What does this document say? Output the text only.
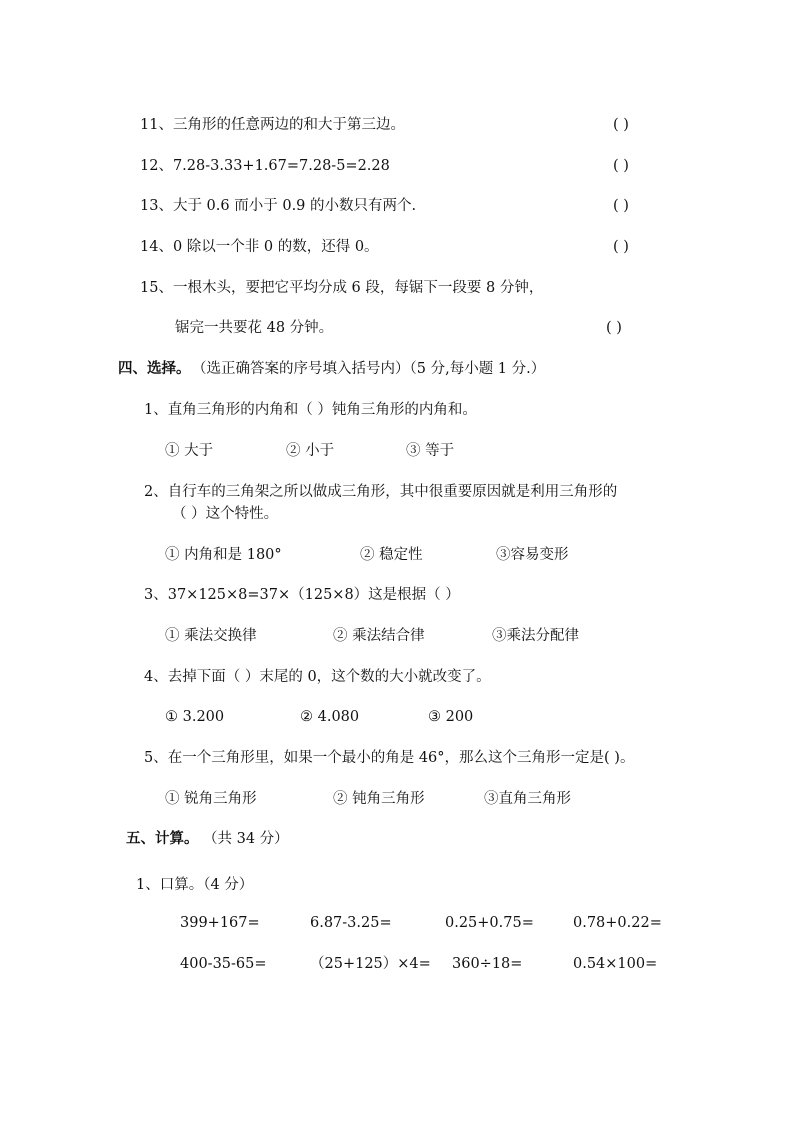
11、三角形的任意两边的和大于第三边。	( )
12、7.28-3.33+1.67=7.28-5=2.28	( )
13、大于 0.6 而小于 0.9 的小数只有两个.	( )
14、0 除以一个非 0 的数，还得 0。	( )
15、一根木头，要把它平均分成 6 段，每锯下一段要 8 分钟，
锯完一共要花 48 分钟。	( )
四、选择。 （选正确答案的序号填入括号内）（5 分,每小题 1 分.）
1、直角三角形的内角和（ ）钝角三角形的内角和。
① 大于	② 小于	③ 等于
2、自行车的三角架之所以做成三角形，其中很重要原因就是利用三角形的
（ ）这个特性。
① 内角和是 180°	② 稳定性	③容易变形
3、37×125×8=37×（125×8）这是根据（ ）
① 乘法交换律	② 乘法结合律	③乘法分配律
4、去掉下面（ ）末尾的 0，这个数的大小就改变了。
① 3.200	② 4.080	③ 200
5、在一个三角形里，如果一个最小的角是 46°，那么这个三角形一定是( )。
① 锐角三角形	② 钝角三角形	③直角三角形
五、计算。 （共 34 分）
1、口算。（4 分）
399+167=	6.87-3.25=	0.25+0.75=	0.78+0.22=
400-35-65=	（25+125）×4= 360÷18=	0.54×100=
